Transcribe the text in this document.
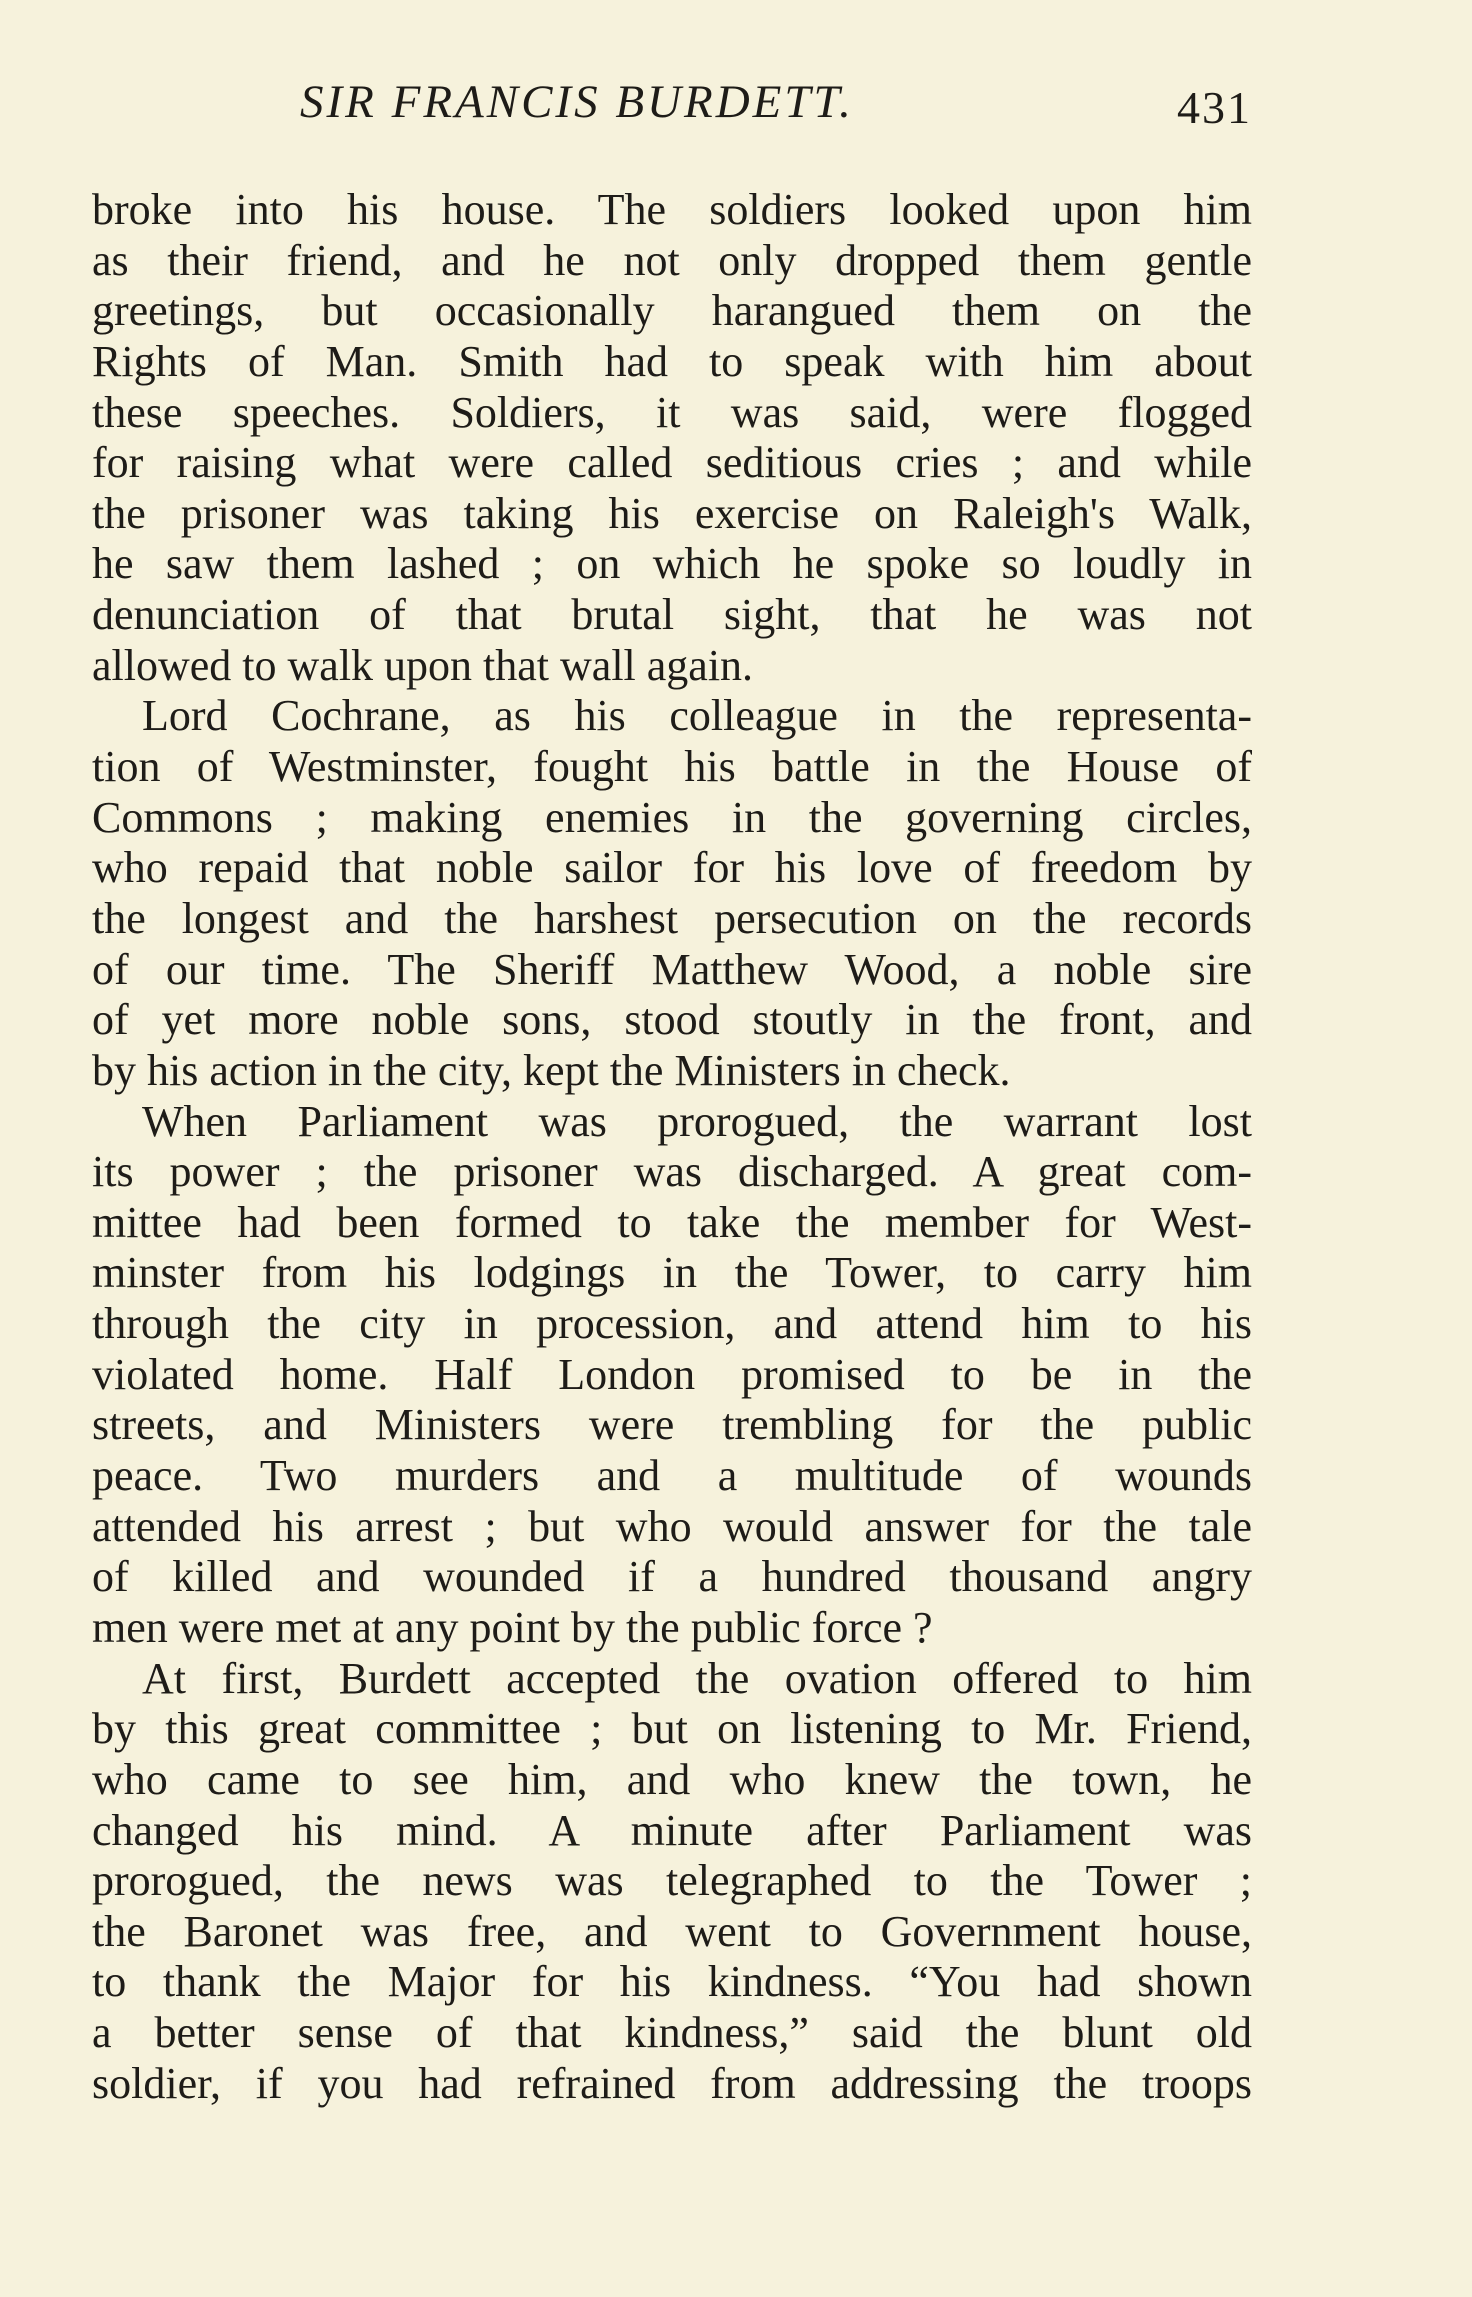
SIR FRANCIS BURDETT.	431
broke into his house. The soldiers looked upon him
as their friend, and he not only dropped them gentle
greetings, but occasionally harangued them on the
Rights of Man. Smith had to speak with him about
these speeches. Soldiers, it was said, were flogged
for raising what were called seditious cries ; and while
the prisoner was taking his exercise on Raleigh's Walk,
he saw them lashed ; on which he spoke so loudly in
denunciation of that brutal sight, that he was not
allowed to walk upon that wall again.
Lord Cochrane, as his colleague in the representa-
tion of Westminster, fought his battle in the House of
Commons ; making enemies in the governing circles,
who repaid that noble sailor for his love of freedom by
the longest and the harshest persecution on the records
of our time. The Sheriff Matthew Wood, a noble sire
of yet more noble sons, stood stoutly in the front, and
by his action in the city, kept the Ministers in check.
When Parliament was prorogued, the warrant lost
its power ; the prisoner was discharged. A great com-
mittee had been formed to take the member for West-
minster from his lodgings in the Tower, to carry him
through the city in procession, and attend him to his
violated home. Half London promised to be in the
streets, and Ministers were trembling for the public
peace. Two murders and a multitude of wounds
attended his arrest ; but who would answer for the tale
of killed and wounded if a hundred thousand angry
men were met at any point by the public force ?
At first, Burdett accepted the ovation offered to him
by this great committee ; but on listening to Mr. Friend,
who came to see him, and who knew the town, he
changed his mind. A minute after Parliament was
prorogued, the news was telegraphed to the Tower ;
the Baronet was free, and went to Government house,
to thank the Major for his kindness. “You had shown
a better sense of that kindness,” said the blunt old
soldier, if you had refrained from addressing the troops
